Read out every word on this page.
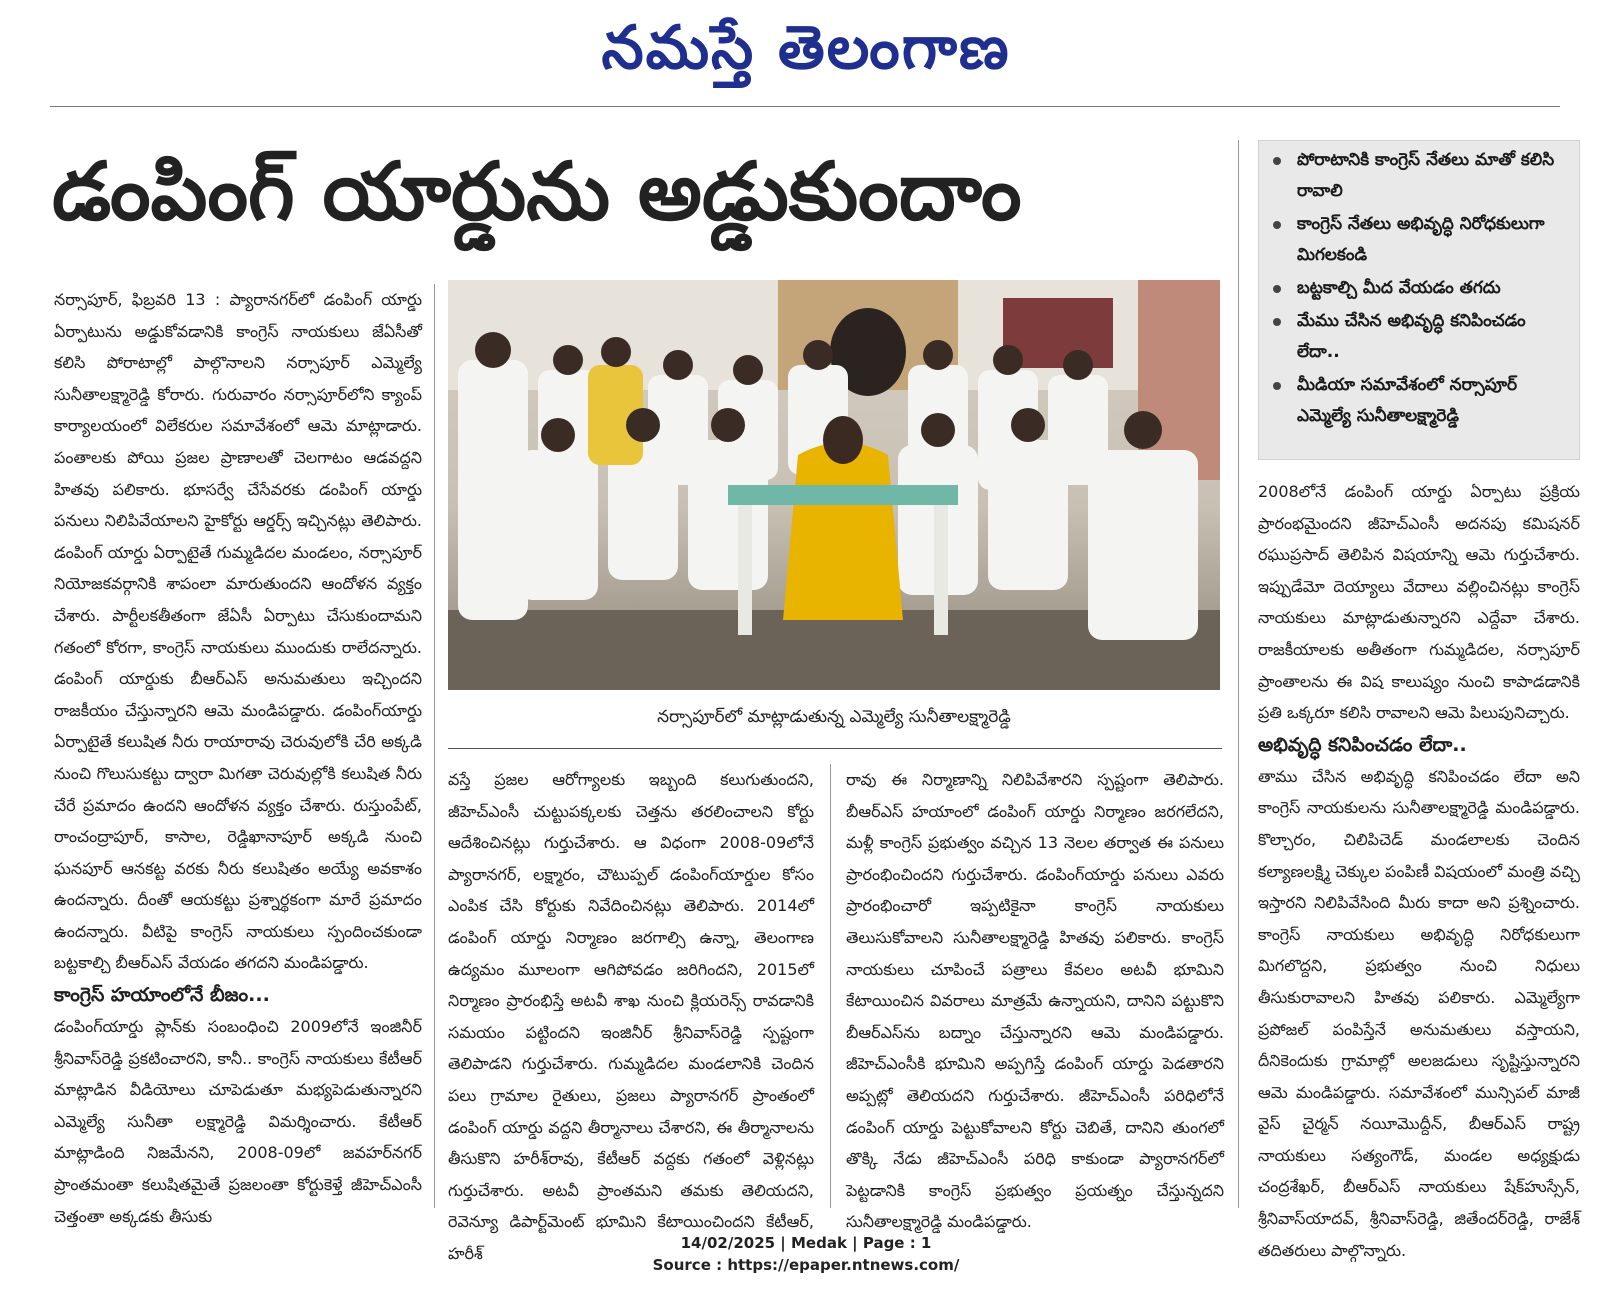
నమస్తే తెలంగాణ
డంపింగ్ యార్డును అడ్డుకుందాం	పోరాటానికి కాంగ్రెస్ నేతలు మాతో కలిసి రావాలి
కాంగ్రెస్ నేతలు అభివృద్ధి నిరోధకులుగా మిగలకండి
బట్టకాల్చి మీద వేయడం తగదు
మేము చేసిన అభివృద్ధి కనిపించడం లేదా..
మీడియా సమావేశంలో నర్సాపూర్ ఎమ్మెల్యే సునీతాలక్ష్మారెడ్డి

నర్సాపూర్, ఫిబ్రవరి 13 : ప్యారానగర్‌లో డంపింగ్ యార్డు ఏర్పాటును అడ్డుకోవడానికి కాంగ్రెస్ నాయకులు జేఏసీతో కలిసి పోరాటాల్లో పాల్గొనాలని నర్సాపూర్ ఎమ్మెల్యే సునీతాలక్ష్మారెడ్డి కోరారు. గురువారం నర్సాపూర్‌లోని క్యాంప్ కార్యాలయంలో విలేకరుల సమావేశంలో ఆమె మాట్లాడారు. పంతాలకు పోయి ప్రజల ప్రాణాలతో చెలగాటం ఆడవద్దని హితవు పలికారు. భూసర్వే చేసేవరకు డంపింగ్ యార్డు పనులు నిలిపివేయాలని హైకోర్టు ఆర్డర్స్ ఇచ్చినట్లు తెలిపారు. డంపింగ్ యార్డు ఏర్పాటైతే గుమ్మడిదల మండలం, నర్సాపూర్ నియోజకవర్గానికి శాపంలా మారుతుందని ఆందోళన వ్యక్తం చేశారు. పార్టీలకతీతంగా జేఏసీ ఏర్పాటు చేసుకుందామని గతంలో కోరగా, కాంగ్రెస్ నాయకులు ముందుకు రాలేదన్నారు. డంపింగ్ యార్డుకు బీఆర్ఎస్ అనుమతులు ఇచ్చిందని రాజకీయం చేస్తున్నారని ఆమె మండిపడ్డారు. డంపింగ్‌యార్డు ఏర్పాటైతే కలుషిత నీరు రాయారావు చెరువులోకి చేరి అక్కడి నుంచి గొలుసుకట్టు ద్వారా మిగతా చెరువుల్లోకి కలుషిత నీరు చేరే ప్రమాదం ఉందని ఆందోళన వ్యక్తం చేశారు. రుస్తుంపేట్, రాంచంద్రాపూర్, కాసాల, రెడ్డిఖానాపూర్ అక్కడి నుంచి ఘనపూర్ ఆనకట్ట వరకు నీరు కలుషితం అయ్యే అవకాశం ఉందన్నారు. దీంతో ఆయకట్టు ప్రశ్నార్థకంగా మారే ప్రమాదం ఉందన్నారు. వీటిపై కాంగ్రెస్ నాయకులు స్పందించకుండా బట్టకాల్చి బీఆర్ఎస్ వేయడం తగదని మండిపడ్డారు.

కాంగ్రెస్ హయాంలోనే బీజం...

డంపింగ్‌యార్డు ప్లాన్‌కు సంబంధించి 2009లోనే ఇంజినీర్ శ్రీనివాస్‌రెడ్డి ప్రకటించారని, కానీ.. కాంగ్రెస్ నాయకులు కేటీఆర్ మాట్లాడిన వీడియోలు చూపెడుతూ మభ్యపెడుతున్నారని ఎమ్మెల్యే సునీతా లక్ష్మారెడ్డి విమర్శించారు. కేటీఆర్ మాట్లాడింది నిజమేనని, 2008-09లో జవహర్‌నగర్ ప్రాంతమంతా కలుషితమైతే ప్రజలంతా కోర్టుకెళ్తే జీహెచ్ఎంసీ చెత్తంతా అక్కడకు తీసుకు

నర్సాపూర్‌లో మాట్లాడుతున్న ఎమ్మెల్యే సునీతాలక్ష్మారెడ్డి

వస్తే ప్రజల ఆరోగ్యాలకు ఇబ్బంది కలుగుతుందని, జీహెచ్ఎంసీ చుట్టుపక్కలకు చెత్తను తరలించాలని కోర్టు ఆదేశించినట్లు గుర్తుచేశారు. ఆ విధంగా 2008-09లోనే ప్యారానగర్, లక్ష్మారం, చౌటుప్పల్ డంపింగ్‌యార్డుల కోసం ఎంపిక చేసి కోర్టుకు నివేదించినట్లు తెలిపారు. 2014లో డంపింగ్ యార్డు నిర్మాణం జరగాల్సి ఉన్నా, తెలంగాణ ఉద్యమం మూలంగా ఆగిపోవడం జరిగిందని, 2015లో నిర్మాణం ప్రారంభిస్తే అటవీ శాఖ నుంచి క్లియరెన్స్ రావడానికి సమయం పట్టిందని ఇంజినీర్ శ్రీనివాస్‌రెడ్డి స్పష్టంగా తెలిపాడని గుర్తుచేశారు. గుమ్మడిదల మండలానికి చెందిన పలు గ్రామాల రైతులు, ప్రజలు ప్యారానగర్ ప్రాంతంలో డంపింగ్ యార్డు వద్దని తీర్మానాలు చేశారని, ఈ తీర్మానాలను తీసుకొని హరీశ్‌రావు, కేటీఆర్ వద్దకు గతంలో వెళ్లినట్లు గుర్తుచేశారు. అటవీ ప్రాంతమని తమకు తెలియదని, రెవెన్యూ డిపార్ట్‌మెంట్ భూమిని కేటాయించిందని కేటీఆర్, హరీశ్

రావు ఈ నిర్మాణాన్ని నిలిపివేశారని స్పష్టంగా తెలిపారు. బీఆర్ఎస్ హయాంలో డంపింగ్ యార్డు నిర్మాణం జరగలేదని, మళ్లీ కాంగ్రెస్ ప్రభుత్వం వచ్చిన 13 నెలల తర్వాత ఈ పనులు ప్రారంభించిందని గుర్తుచేశారు. డంపింగ్‌యార్డు పనులు ఎవరు ప్రారంభించారో ఇప్పటికైనా కాంగ్రెస్ నాయకులు తెలుసుకోవాలని సునీతాలక్ష్మారెడ్డి హితవు పలికారు. కాంగ్రెస్ నాయకులు చూపించే పత్రాలు కేవలం అటవీ భూమిని కేటాయించిన వివరాలు మాత్రమే ఉన్నాయని, దానిని పట్టుకొని బీఆర్ఎస్‌ను బద్నాం చేస్తున్నారని ఆమె మండిపడ్డారు. జీహెచ్ఎంసీకి భూమిని అప్పగిస్తే డంపింగ్ యార్డు పెడతారని అప్పట్లో తెలియదని గుర్తుచేశారు. జీహెచ్ఎంసీ పరిధిలోనే డంపింగ్ యార్డు పెట్టుకోవాలని కోర్టు చెబితే, దానిని తుంగలో తొక్కి నేడు జీహెచ్ఎంసీ పరిధి కాకుండా ప్యారానగర్‌లో పెట్టడానికి కాంగ్రెస్ ప్రభుత్వం ప్రయత్నం చేస్తున్నదని సునీతాలక్ష్మారెడ్డి మండిపడ్డారు.

2008లోనే డంపింగ్ యార్డు ఏర్పాటు ప్రక్రియ ప్రారంభమైందని జీహెచ్ఎంసీ అదనపు కమిషనర్ రఘుప్రసాద్ తెలిపిన విషయాన్ని ఆమె గుర్తుచేశారు. ఇప్పుడేమో దెయ్యాలు వేదాలు వల్లించినట్లు కాంగ్రెస్ నాయకులు మాట్లాడుతున్నారని ఎద్దేవా చేశారు. రాజకీయాలకు అతీతంగా గుమ్మడిదల, నర్సాపూర్ ప్రాంతాలను ఈ విష కాలుష్యం నుంచి కాపాడడానికి ప్రతి ఒక్కరూ కలిసి రావాలని ఆమె పిలుపునిచ్చారు.

అభివృద్ధి కనిపించడం లేదా..

తాము చేసిన అభివృద్ధి కనిపించడం లేదా అని కాంగ్రెస్ నాయకులను సునీతాలక్ష్మారెడ్డి మండిపడ్డారు. కొల్చారం, చిలిపిచెడ్ మండలాలకు చెందిన కల్యాణలక్ష్మి చెక్కుల పంపిణీ విషయంలో మంత్రి వచ్చి ఇస్తారని నిలిపివేసింది మీరు కాదా అని ప్రశ్నించారు. కాంగ్రెస్ నాయకులు అభివృద్ధి నిరోధకులుగా మిగలొద్దని, ప్రభుత్వం నుంచి నిధులు తీసుకురావాలని హితవు పలికారు. ఎమ్మెల్యేగా ప్రపోజల్ పంపిస్తేనే అనుమతులు వస్తాయని, దీనికెందుకు గ్రామాల్లో అలజడులు సృష్టిస్తున్నారని ఆమె మండిపడ్డారు. సమావేశంలో మున్సిపల్ మాజీ వైస్ చైర్మన్ నయీమొద్దీన్, బీఆర్ఎస్ రాష్ట్ర నాయకులు సత్యంగౌడ్, మండల అధ్యక్షుడు చంద్రశేఖర్, బీఆర్ఎస్ నాయకులు షేక్‌హుస్సేన్, శ్రీనివాస్‌యాదవ్, శ్రీనివాస్‌రెడ్డి, జితేందర్‌రెడ్డి, రాజేశ్ తదితరులు పాల్గొన్నారు.

14/02/2025 | Medak | Page : 1
Source : https://epaper.ntnews.com/
